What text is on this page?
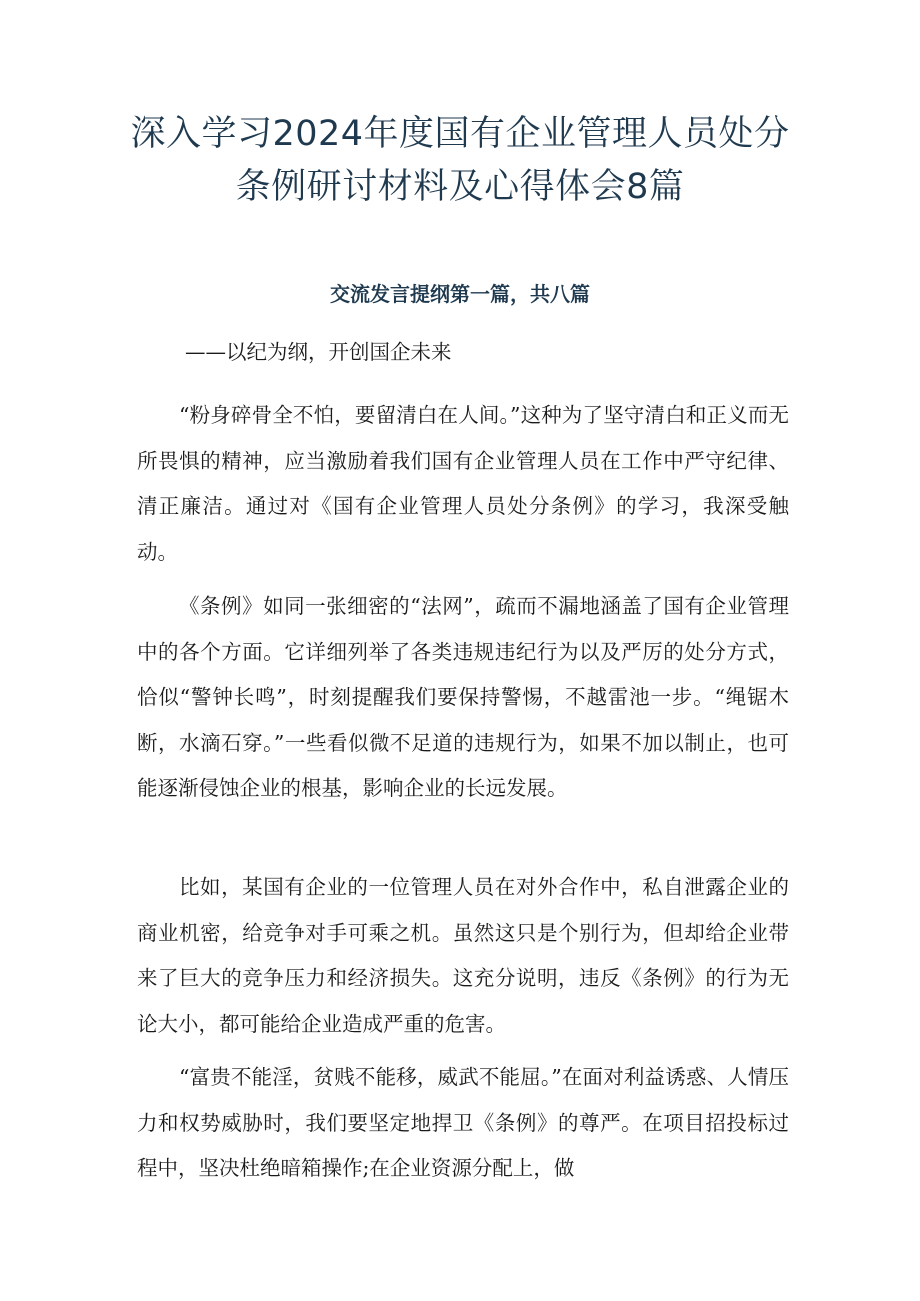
深入学习2024年度国有企业管理人员处分
条例研讨材料及心得体会8篇
交流发言提纲第一篇，共八篇
——以纪为纲，开创国企未来

“粉身碎骨全不怕，要留清白在人间。”这种为了坚守清白和正义而无所畏惧的精神，应当激励着我们国有企业管理人员在工作中严守纪律、清正廉洁。通过对《国有企业管理人员处分条例》的学习，我深受触动。

《条例》如同一张细密的“法网”，疏而不漏地涵盖了国有企业管理中的各个方面。它详细列举了各类违规违纪行为以及严厉的处分方式，恰似“警钟长鸣”，时刻提醒我们要保持警惕，不越雷池一步。“绳锯木断，水滴石穿。”一些看似微不足道的违规行为，如果不加以制止，也可能逐渐侵蚀企业的根基，影响企业的长远发展。

比如，某国有企业的一位管理人员在对外合作中，私自泄露企业的商业机密，给竞争对手可乘之机。虽然这只是个别行为，但却给企业带来了巨大的竞争压力和经济损失。这充分说明，违反《条例》的行为无论大小，都可能给企业造成严重的危害。

“富贵不能淫，贫贱不能移，威武不能屈。”在面对利益诱惑、人情压力和权势威胁时，我们要坚定地捍卫《条例》的尊严。在项目招投标过程中，坚决杜绝暗箱操作;在企业资源分配上，做
